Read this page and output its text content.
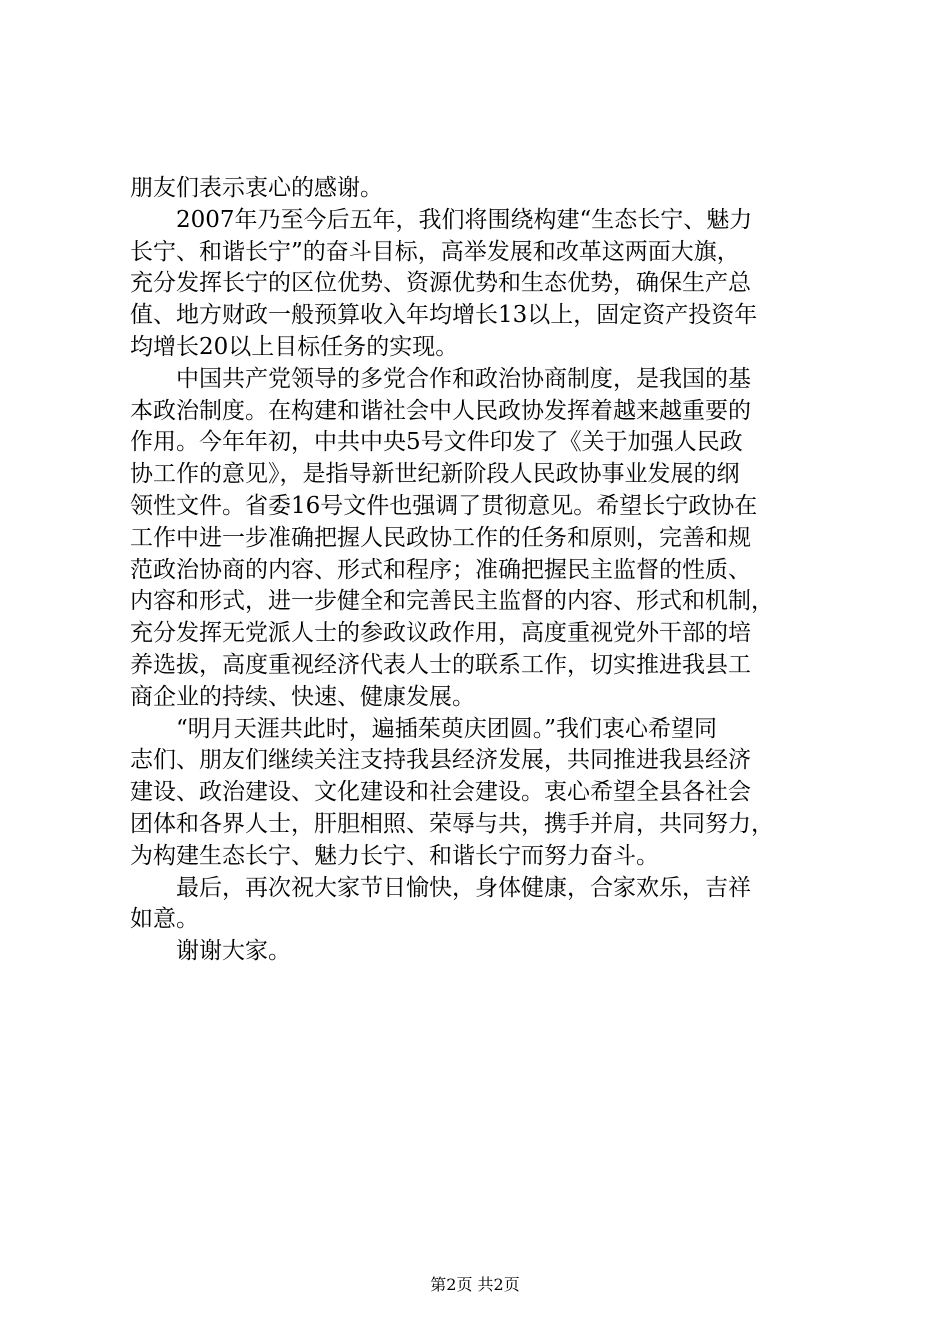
朋友们表示衷心的感谢。
2007年乃至今后五年，我们将围绕构建“生态长宁、魅力
长宁、和谐长宁”的奋斗目标，高举发展和改革这两面大旗，
充分发挥长宁的区位优势、资源优势和生态优势，确保生产总
值、地方财政一般预算收入年均增长13以上，固定资产投资年
均增长20以上目标任务的实现。
中国共产党领导的多党合作和政治协商制度，是我国的基
本政治制度。在构建和谐社会中人民政协发挥着越来越重要的
作用。今年年初，中共中央5号文件印发了《关于加强人民政
协工作的意见》，是指导新世纪新阶段人民政协事业发展的纲
领性文件。省委16号文件也强调了贯彻意见。希望长宁政协在
工作中进一步准确把握人民政协工作的任务和原则，完善和规
范政治协商的内容、形式和程序；准确把握民主监督的性质、
内容和形式，进一步健全和完善民主监督的内容、形式和机制，
充分发挥无党派人士的参政议政作用，高度重视党外干部的培
养选拔，高度重视经济代表人士的联系工作，切实推进我县工
商企业的持续、快速、健康发展。
“明月天涯共此时，遍插茱萸庆团圆。”我们衷心希望同
志们、朋友们继续关注支持我县经济发展，共同推进我县经济
建设、政治建设、文化建设和社会建设。衷心希望全县各社会
团体和各界人士，肝胆相照、荣辱与共，携手并肩，共同努力，
为构建生态长宁、魅力长宁、和谐长宁而努力奋斗。
最后，再次祝大家节日愉快，身体健康，合家欢乐，吉祥
如意。
谢谢大家。
第2页 共2页
